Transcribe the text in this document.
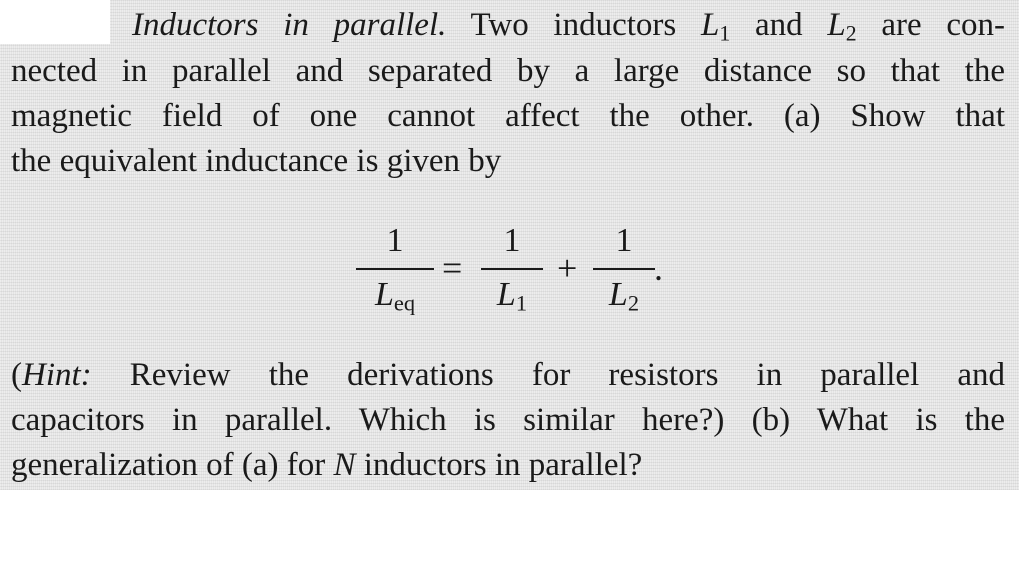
Inductors in parallel. Two inductors $L_1$ and $L_2$ are con-
nected in parallel and separated by a large distance so that the
magnetic field of one cannot affect the other. (a) Show that
the equivalent inductance is given by
1
$L_{eq}$
=
1
$L_1$
+
1
$L_2$
.
(Hint: Review the derivations for resistors in parallel and
capacitors in parallel. Which is similar here?) (b) What is the
generalization of (a) for N inductors in parallel?
